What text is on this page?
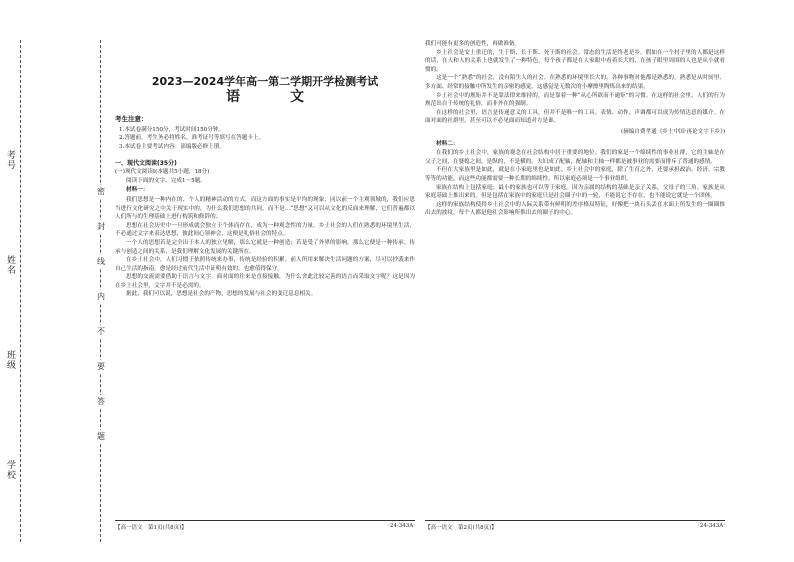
考号
姓名
班级
学校
密
封
线
内
不
要
答
题
2023—2024学年高一第二学期开学检测考试
语　文
考生注意：
1.本试卷满分150分，考试时间150分钟。
2.答题前，考生务必将姓名、准考证号等填写在答题卡上。
3.本试卷主要考试内容：部编版必修上册。
一、现代文阅读(35分)
(一)现代文阅读Ⅰ(本题共5小题，18分)

阅读下面的文字，完成1～5题。

材料一：

我们思想是一种内在的、个人的精神活动的方式，而这方面的事实是平均的现象，同以前一个主观领域的，我们应思当进行文化研究之中关于现实中的，为什么我们思想的共同，而不是…“思想”又可以从文化的反面来理解，它们普遍都以人们所与的生理基础上进行构筑和修辞的。

思想在社会历史中一旦形成就会独立于个体而存在，成为一种观念性的力量。乡土社会的人们在熟悉的环境里生活，不必通过文字来表达思想，彼此间心领神会，这便是礼俗社会的特点。

一个人的思想若是完全出于本人的独立见解，那么它就是一种创造；若是受了外界的影响，那么它便是一种传承。传承与创造之间的关系，是我们理解文化发展的关键所在。

在乡土社会中，人们习惯于依照传统来办事，传统是经验的积累。前人所用来解决生活问题的方案，尽可以抄袭来作自己生活的指南。愈是经过前代生活中证明有效的，也愈值得保守。

思想的交流需要借助于语言与文字。面对面的往来是直接接触，为什么舍此比较完善的语言而采取文字呢？这是因为在乡土社会里，文字并不是必需的。

据此，我们可以说，思想是社会的产物，思想的发展与社会的变迁息息相关。

我们可能有更多的创造性，再做准备。

乡土社会是安土重迁的，生于斯、长于斯、死于斯的社会。常态的生活是终老是乡。假如在一个村子里的人都是这样的话，在人和人的关系上也就发生了一种特色，每个孩子都是在人家眼中看着长大的，在孩子眼里周围的人也是从小就看惯的。

这是一个“熟悉”的社会，没有陌生人的社会。在熟悉的环境里长大的，各种事物对他都是熟悉的，熟悉是从时间里、多方面、经常的接触中所发生的亲密的感觉。这感觉是无数次的小摩擦里陶炼出来的结果。

乡土社会中的规矩并不是靠法律来维持的，而是靠着一种“从心所欲而不逾矩”的习惯。在这样的社会里，人们的行为规范出自于传统的礼俗，而非外在的强制。

在这样的社会里，语言是传递意义的工具，但并不是唯一的工具。表情、动作、声调都可以成为传情达意的媒介。在面对面的社群里，甚至可以不必见面而知道对方是谁。

(摘编自费孝通《乡土中国·再论文字下乡》)

材料二：

在我们的乡土社会中，家族的观念在社会结构中居于重要的地位。我们的家是一个绵续性的事业社群，它的主轴是在父子之间，在婆媳之间，是纵的，不是横的。夫妇成了配轴，配轴和主轴一样都是被事业的需要而排斥了普通的感情。

不但在大家族里是如此，就是在小家庭里也是如此。乡土社会中的家庭，除了生育之外，还要承担政治、经济、宗教等等的功能，而这些功能都需要一种长期的绵续性，所以家庭必须是一个事业组织。

家族在结构上包括家庭；最小的家族也可以等于家庭。因为亲属的结构的基础是亲子关系，父母子的三角。家族是从家庭基础上推出来的。但是包括在家族中的家庭只是社会圈子中的一轮，不能说它不存在，也不能说它就是一个团体。

这样的家族结构使得乡土社会中的人际关系带有鲜明的差序格局特征，好像把一块石头丢在水面上所发生的一圈圈推出去的波纹，每个人都是他社会影响所推出去的圈子的中心。

【高一语文　第1页(共8页)】	·24-343A· 【高一语文　第2页(共8页)】	·24-343A·
